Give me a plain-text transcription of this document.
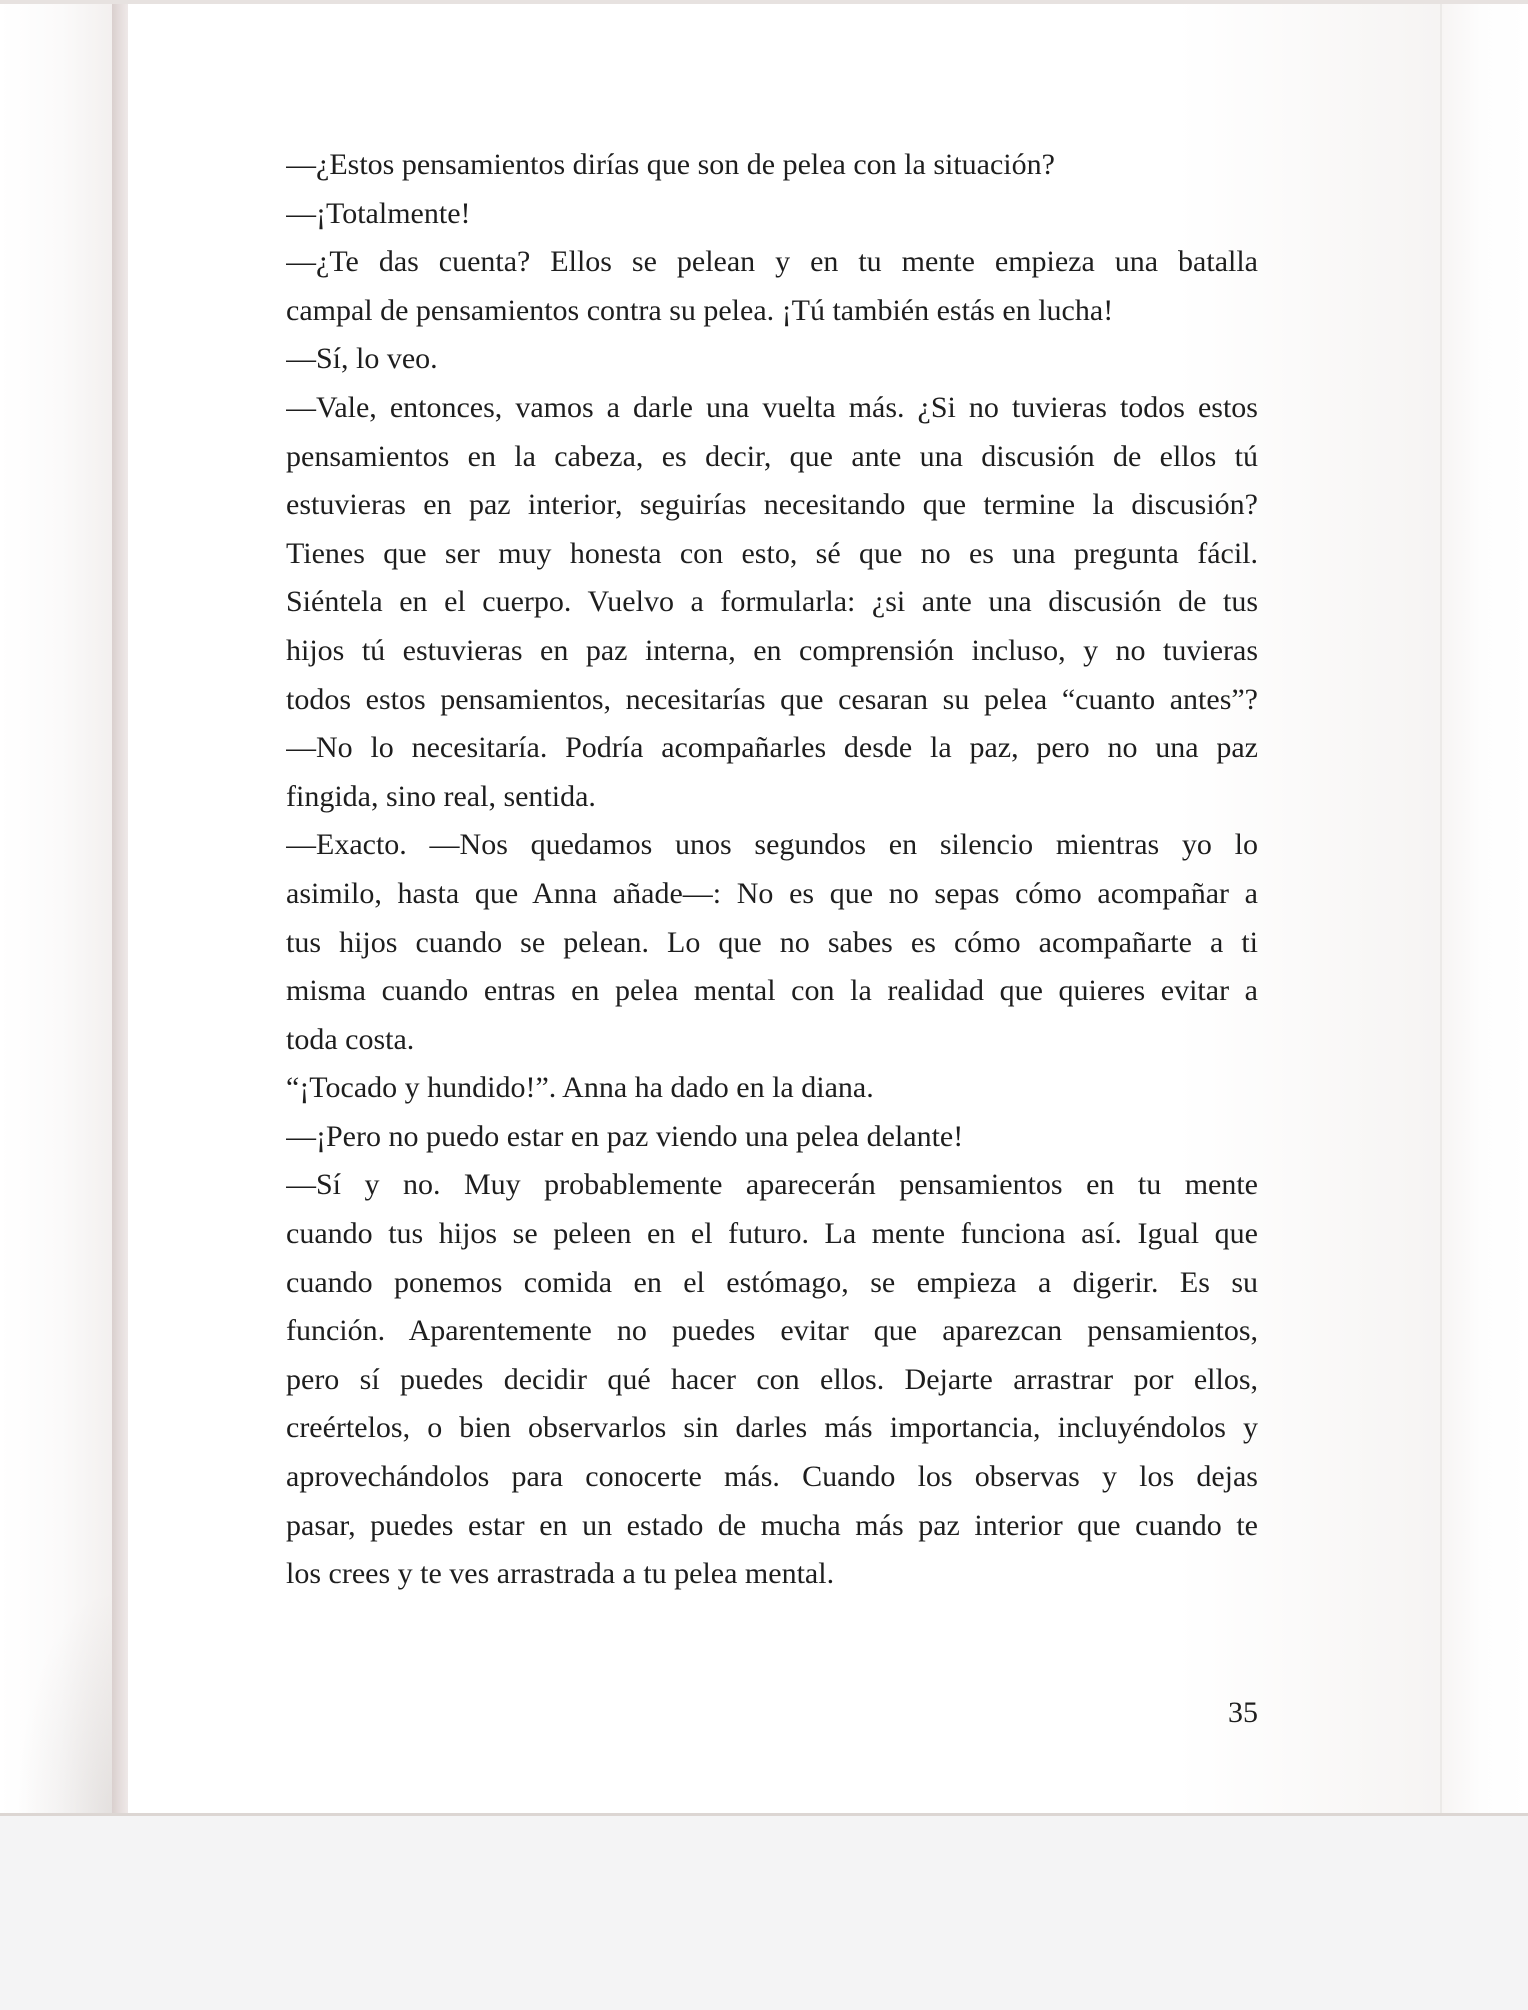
—¿Estos pensamientos dirías que son de pelea con la situación?
—¡Totalmente!
—¿Te das cuenta? Ellos se pelean y en tu mente empieza una batalla
campal de pensamientos contra su pelea. ¡Tú también estás en lucha!
—Sí, lo veo.
—Vale, entonces, vamos a darle una vuelta más. ¿Si no tuvieras todos estos
pensamientos en la cabeza, es decir, que ante una discusión de ellos tú
estuvieras en paz interior, seguirías necesitando que termine la discusión?
Tienes que ser muy honesta con esto, sé que no es una pregunta fácil.
Siéntela en el cuerpo. Vuelvo a formularla: ¿si ante una discusión de tus
hijos tú estuvieras en paz interna, en comprensión incluso, y no tuvieras
todos estos pensamientos, necesitarías que cesaran su pelea “cuanto antes”?
—No lo necesitaría. Podría acompañarles desde la paz, pero no una paz
fingida, sino real, sentida.
—Exacto. —Nos quedamos unos segundos en silencio mientras yo lo
asimilo, hasta que Anna añade—: No es que no sepas cómo acompañar a
tus hijos cuando se pelean. Lo que no sabes es cómo acompañarte a ti
misma cuando entras en pelea mental con la realidad que quieres evitar a
toda costa.
“¡Tocado y hundido!”. Anna ha dado en la diana.
—¡Pero no puedo estar en paz viendo una pelea delante!
—Sí y no. Muy probablemente aparecerán pensamientos en tu mente
cuando tus hijos se peleen en el futuro. La mente funciona así. Igual que
cuando ponemos comida en el estómago, se empieza a digerir. Es su
función. Aparentemente no puedes evitar que aparezcan pensamientos,
pero sí puedes decidir qué hacer con ellos. Dejarte arrastrar por ellos,
creértelos, o bien observarlos sin darles más importancia, incluyéndolos y
aprovechándolos para conocerte más. Cuando los observas y los dejas
pasar, puedes estar en un estado de mucha más paz interior que cuando te
los crees y te ves arrastrada a tu pelea mental.
35
